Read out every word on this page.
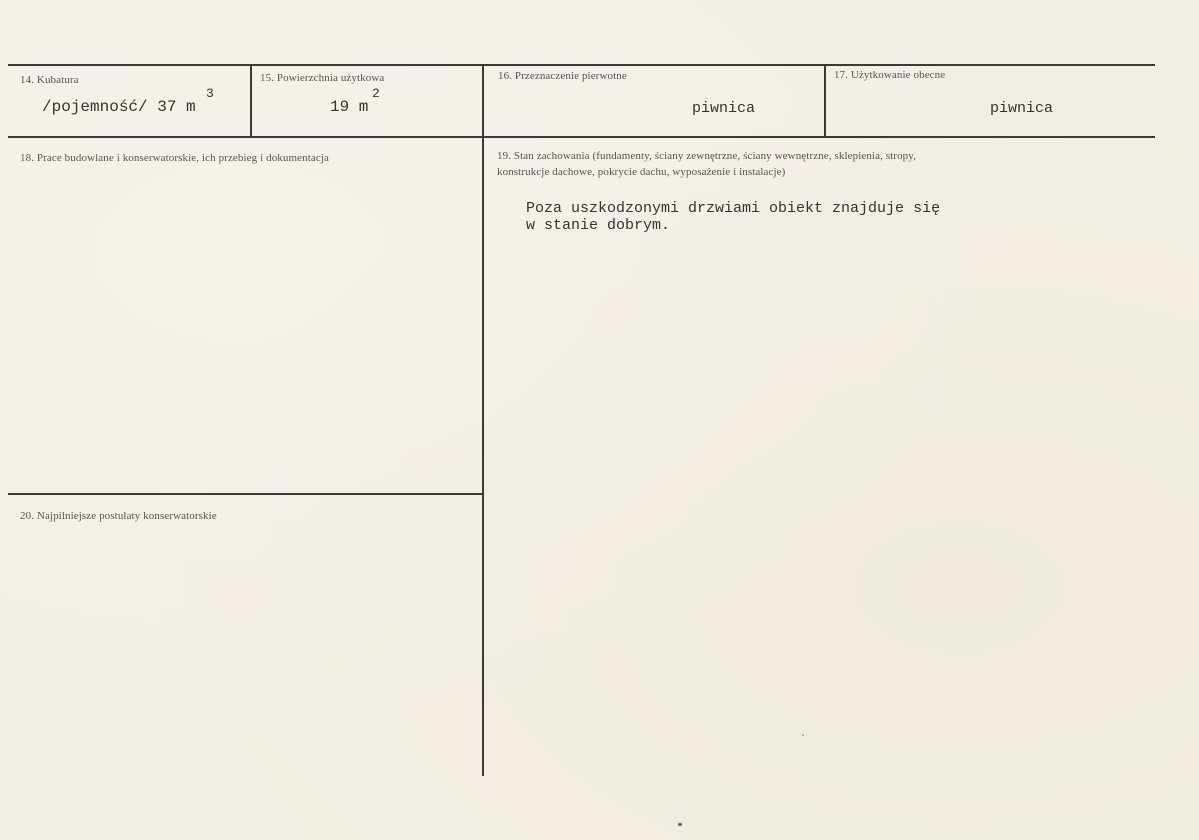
14. Kubatura
/pojemność/ 37 m
3
15. Powierzchnia użytkowa
19 m
2
16. Przeznaczenie pierwotne
piwnica
17. Użytkowanie obecne
piwnica
18. Prace budowlane i konserwatorskie, ich przebieg i dokumentacja	19. Stan zachowania (fundamenty, ściany zewnętrzne, ściany wewnętrzne, sklepienia, stropy,
konstrukcje dachowe, pokrycie dachu, wyposażenie i instalacje)
Poza uszkodzonymi drzwiami obiekt znajduje się
w stanie dobrym.
20. Najpilniejsze postulaty konserwatorskie
